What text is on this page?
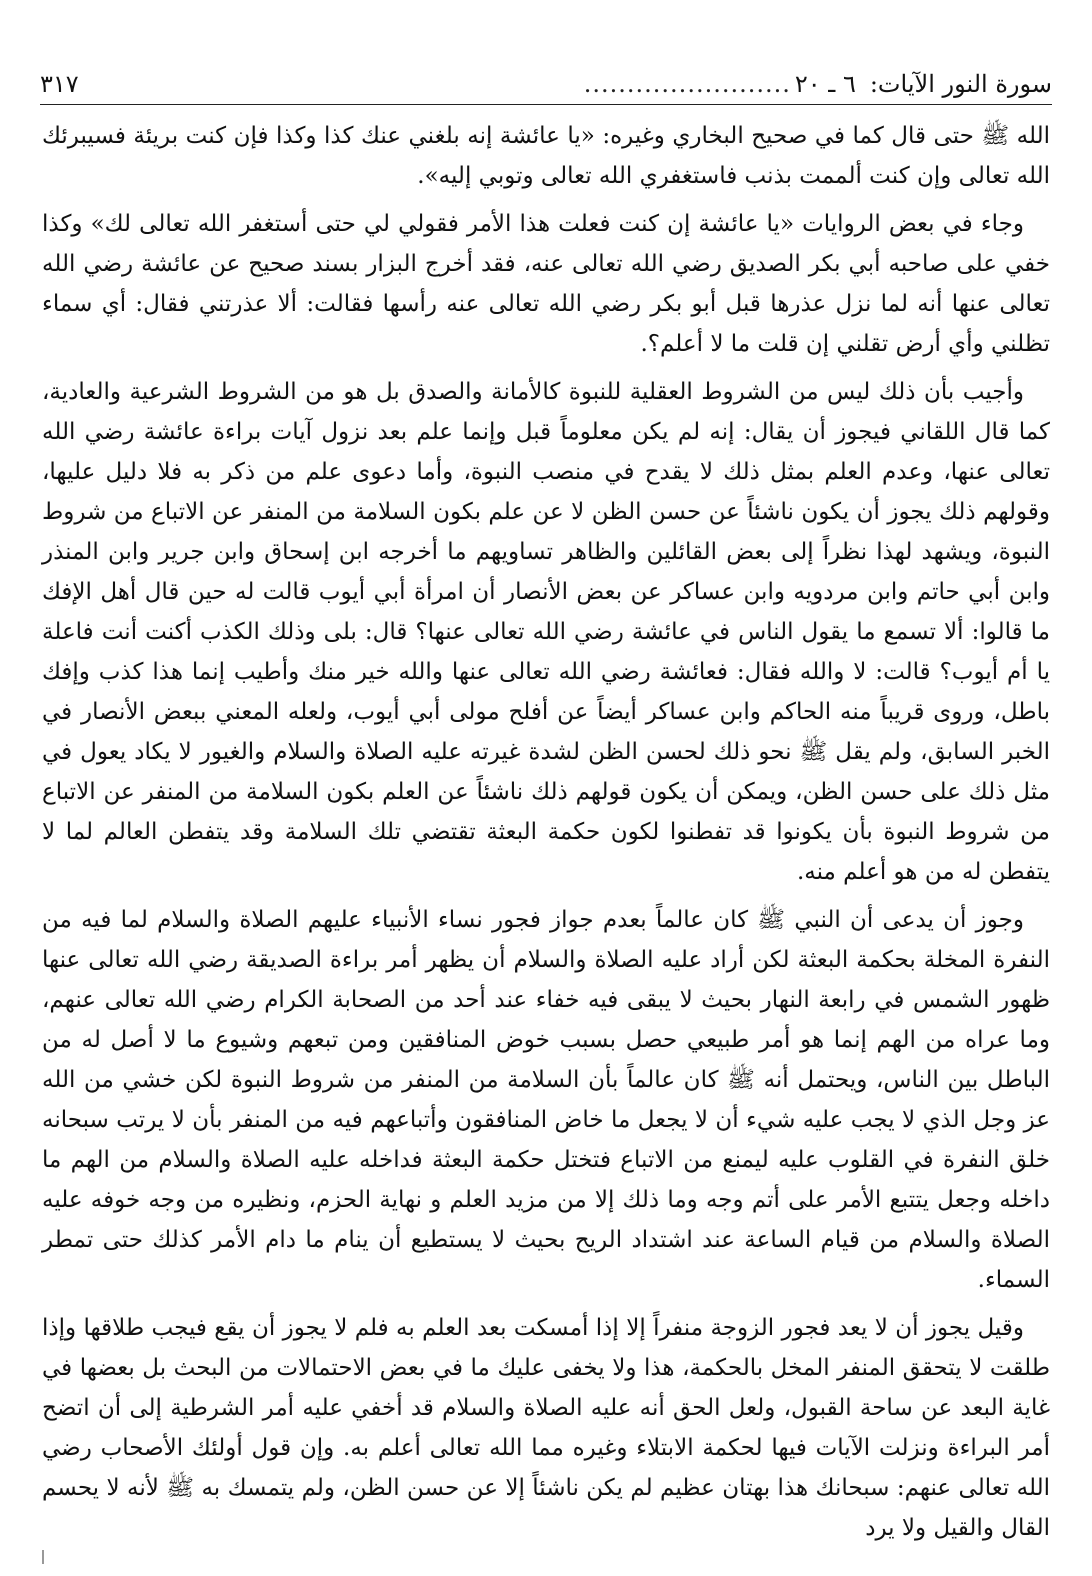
سورة النور الآيات:
٦ ـ ٢٠
........................
٣١٧

الله ﷺ حتى قال كما في صحيح البخاري وغيره: «يا عائشة إنه بلغني عنك كذا وكذا فإن كنت بريئة فسيبرئك الله تعالى وإن كنت ألممت بذنب فاستغفري الله تعالى وتوبي إليه».

وجاء في بعض الروايات «يا عائشة إن كنت فعلت هذا الأمر فقولي لي حتى أستغفر الله تعالى لك» وكذا خفي على صاحبه أبي بكر الصديق رضي الله تعالى عنه، فقد أخرج البزار بسند صحيح عن عائشة رضي الله تعالى عنها أنه لما نزل عذرها قبل أبو بكر رضي الله تعالى عنه رأسها فقالت: ألا عذرتني فقال: أي سماء تظلني وأي أرض تقلني إن قلت ما لا أعلم؟.

وأجيب بأن ذلك ليس من الشروط العقلية للنبوة كالأمانة والصدق بل هو من الشروط الشرعية والعادية، كما قال اللقاني فيجوز أن يقال: إنه لم يكن معلوماً قبل وإنما علم بعد نزول آيات براءة عائشة رضي الله تعالى عنها، وعدم العلم بمثل ذلك لا يقدح في منصب النبوة، وأما دعوى علم من ذكر به فلا دليل عليها، وقولهم ذلك يجوز أن يكون ناشئاً عن حسن الظن لا عن علم بكون السلامة من المنفر عن الاتباع من شروط النبوة، ويشهد لهذا نظراً إلى بعض القائلين والظاهر تساويهم ما أخرجه ابن إسحاق وابن جرير وابن المنذر وابن أبي حاتم وابن مردويه وابن عساكر عن بعض الأنصار أن امرأة أبي أيوب قالت له حين قال أهل الإفك ما قالوا: ألا تسمع ما يقول الناس في عائشة رضي الله تعالى عنها؟ قال: بلى وذلك الكذب أكنت أنت فاعلة يا أم أيوب؟ قالت: لا والله فقال: فعائشة رضي الله تعالى عنها والله خير منك وأطيب إنما هذا كذب وإفك باطل، وروى قريباً منه الحاكم وابن عساكر أيضاً عن أفلح مولى أبي أيوب، ولعله المعني ببعض الأنصار في الخبر السابق، ولم يقل ﷺ نحو ذلك لحسن الظن لشدة غيرته عليه الصلاة والسلام والغيور لا يكاد يعول في مثل ذلك على حسن الظن، ويمكن أن يكون قولهم ذلك ناشئاً عن العلم بكون السلامة من المنفر عن الاتباع من شروط النبوة بأن يكونوا قد تفطنوا لكون حكمة البعثة تقتضي تلك السلامة وقد يتفطن العالم لما لا يتفطن له من هو أعلم منه.

وجوز أن يدعى أن النبي ﷺ كان عالماً بعدم جواز فجور نساء الأنبياء عليهم الصلاة والسلام لما فيه من النفرة المخلة بحكمة البعثة لكن أراد عليه الصلاة والسلام أن يظهر أمر براءة الصديقة رضي الله تعالى عنها ظهور الشمس في رابعة النهار بحيث لا يبقى فيه خفاء عند أحد من الصحابة الكرام رضي الله تعالى عنهم، وما عراه من الهم إنما هو أمر طبيعي حصل بسبب خوض المنافقين ومن تبعهم وشيوع ما لا أصل له من الباطل بين الناس، ويحتمل أنه ﷺ كان عالماً بأن السلامة من المنفر من شروط النبوة لكن خشي من الله عز وجل الذي لا يجب عليه شيء أن لا يجعل ما خاض المنافقون وأتباعهم فيه من المنفر بأن لا يرتب سبحانه خلق النفرة في القلوب عليه ليمنع من الاتباع فتختل حكمة البعثة فداخله عليه الصلاة والسلام من الهم ما داخله وجعل يتتبع الأمر على أتم وجه وما ذلك إلا من مزيد العلم و نهاية الحزم، ونظيره من وجه خوفه عليه الصلاة والسلام من قيام الساعة عند اشتداد الريح بحيث لا يستطيع أن ينام ما دام الأمر كذلك حتى تمطر السماء.

وقيل يجوز أن لا يعد فجور الزوجة منفراً إلا إذا أمسكت بعد العلم به فلم لا يجوز أن يقع فيجب طلاقها وإذا طلقت لا يتحقق المنفر المخل بالحكمة، هذا ولا يخفى عليك ما في بعض الاحتمالات من البحث بل بعضها في غاية البعد عن ساحة القبول، ولعل الحق أنه عليه الصلاة والسلام قد أخفي عليه أمر الشرطية إلى أن اتضح أمر البراءة ونزلت الآيات فيها لحكمة الابتلاء وغيره مما الله تعالى أعلم به. وإن قول أولئك الأصحاب رضي الله تعالى عنهم: سبحانك هذا بهتان عظيم لم يكن ناشئاً إلا عن حسن الظن، ولم يتمسك به ﷺ لأنه لا يحسم القال والقيل ولا يرد
